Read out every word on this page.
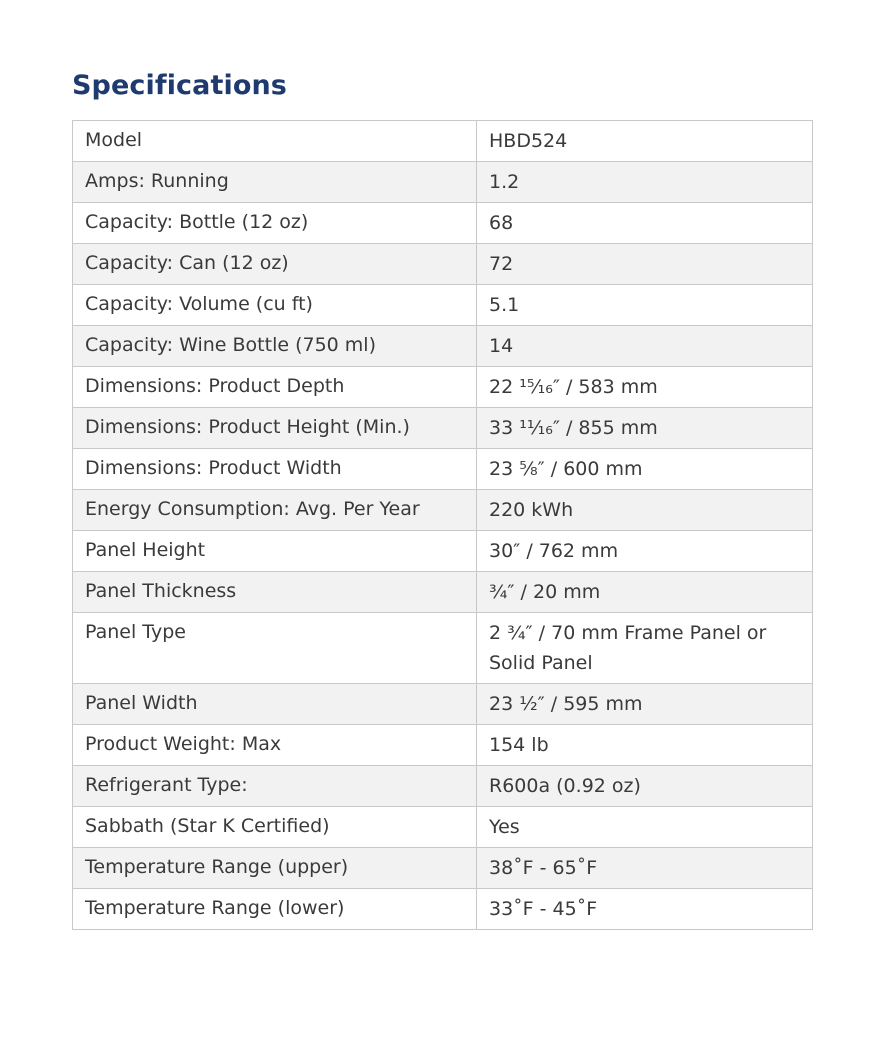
Specifications
Model	HBD524
Amps: Running	1.2
Capacity: Bottle (12 oz)	68
Capacity: Can (12 oz)	72
Capacity: Volume (cu ft)	5.1
Capacity: Wine Bottle (750 ml)	14
Dimensions: Product Depth	22 ¹⁵⁄₁₆″ / 583 mm
Dimensions: Product Height (Min.)	33 ¹¹⁄₁₆″ / 855 mm
Dimensions: Product Width	23 ⁵⁄₈″ / 600 mm
Energy Consumption: Avg. Per Year	220 kWh
Panel Height	30″ / 762 mm
Panel Thickness	¾″ / 20 mm
Panel Type	2 ¾″ / 70 mm Frame Panel or Solid Panel
Panel Width	23 ½″ / 595 mm
Product Weight: Max	154 lb
Refrigerant Type:	R600a (0.92 oz)
Sabbath (Star K Certified)	Yes
Temperature Range (upper)	38˚F - 65˚F
Temperature Range (lower)	33˚F - 45˚F
